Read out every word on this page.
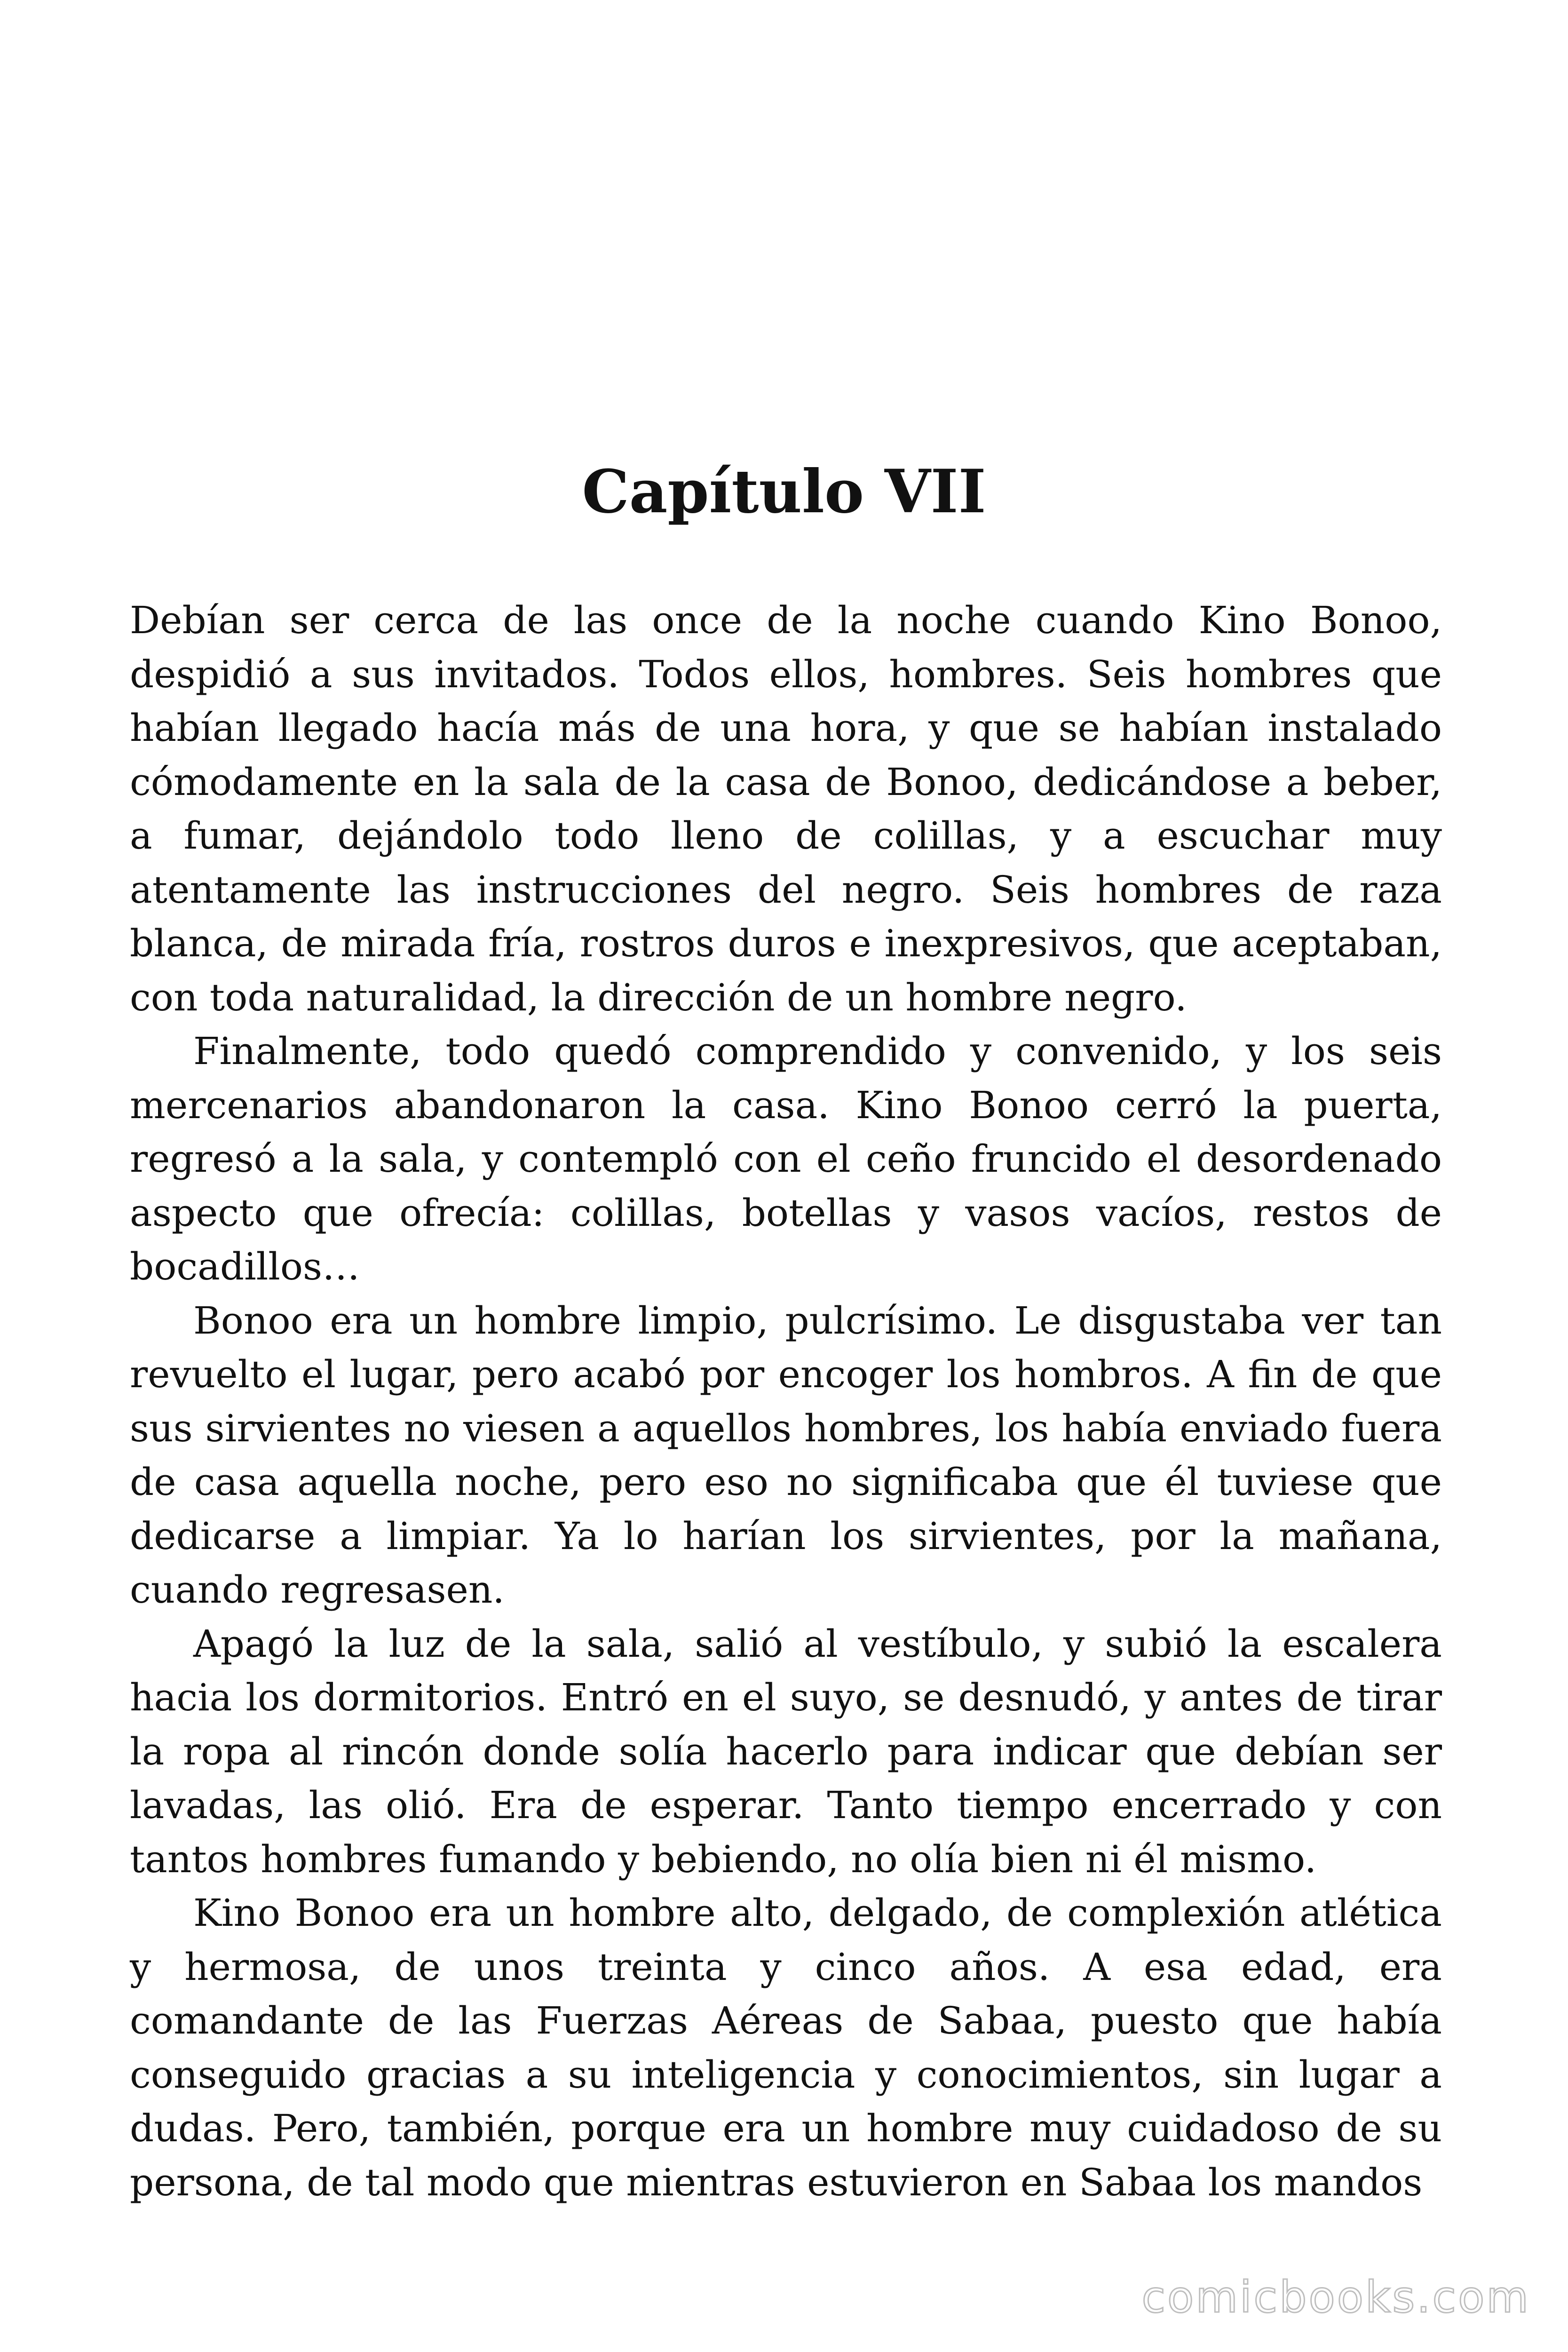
Capítulo VII

Debían ser cerca de las once de la noche cuando Kino Bonoo, despidió a sus invitados. Todos ellos, hombres. Seis hombres que habían llegado hacía más de una hora, y que se habían instalado cómodamente en la sala de la casa de Bonoo, dedicándose a beber, a fumar, dejándolo todo lleno de colillas, y a escuchar muy atentamente las instrucciones del negro. Seis hombres de raza blanca, de mirada fría, rostros duros e inexpresivos, que aceptaban, con toda naturalidad, la dirección de un hombre negro.

Finalmente, todo quedó comprendido y convenido, y los seis mercenarios abandonaron la casa. Kino Bonoo cerró la puerta, regresó a la sala, y contempló con el ceño fruncido el desordenado aspecto que ofrecía: colillas, botellas y vasos vacíos, restos de bocadillos…

Bonoo era un hombre limpio, pulcrísimo. Le disgustaba ver tan revuelto el lugar, pero acabó por encoger los hombros. A fin de que sus sirvientes no viesen a aquellos hombres, los había enviado fuera de casa aquella noche, pero eso no significaba que él tuviese que dedicarse a limpiar. Ya lo harían los sirvientes, por la mañana, cuando regresasen.

Apagó la luz de la sala, salió al vestíbulo, y subió la escalera hacia los dormitorios. Entró en el suyo, se desnudó, y antes de tirar la ropa al rincón donde solía hacerlo para indicar que debían ser lavadas, las olió. Era de esperar. Tanto tiempo encerrado y con tantos hombres fumando y bebiendo, no olía bien ni él mismo.

Kino Bonoo era un hombre alto, delgado, de complexión atlética y hermosa, de unos treinta y cinco años. A esa edad, era comandante de las Fuerzas Aéreas de Sabaa, puesto que había conseguido gracias a su inteligencia y conocimientos, sin lugar a dudas. Pero, también, porque era un hombre muy cuidadoso de su persona, de tal modo que mientras estuvieron en Sabaa los mandos

comicbooks.com
